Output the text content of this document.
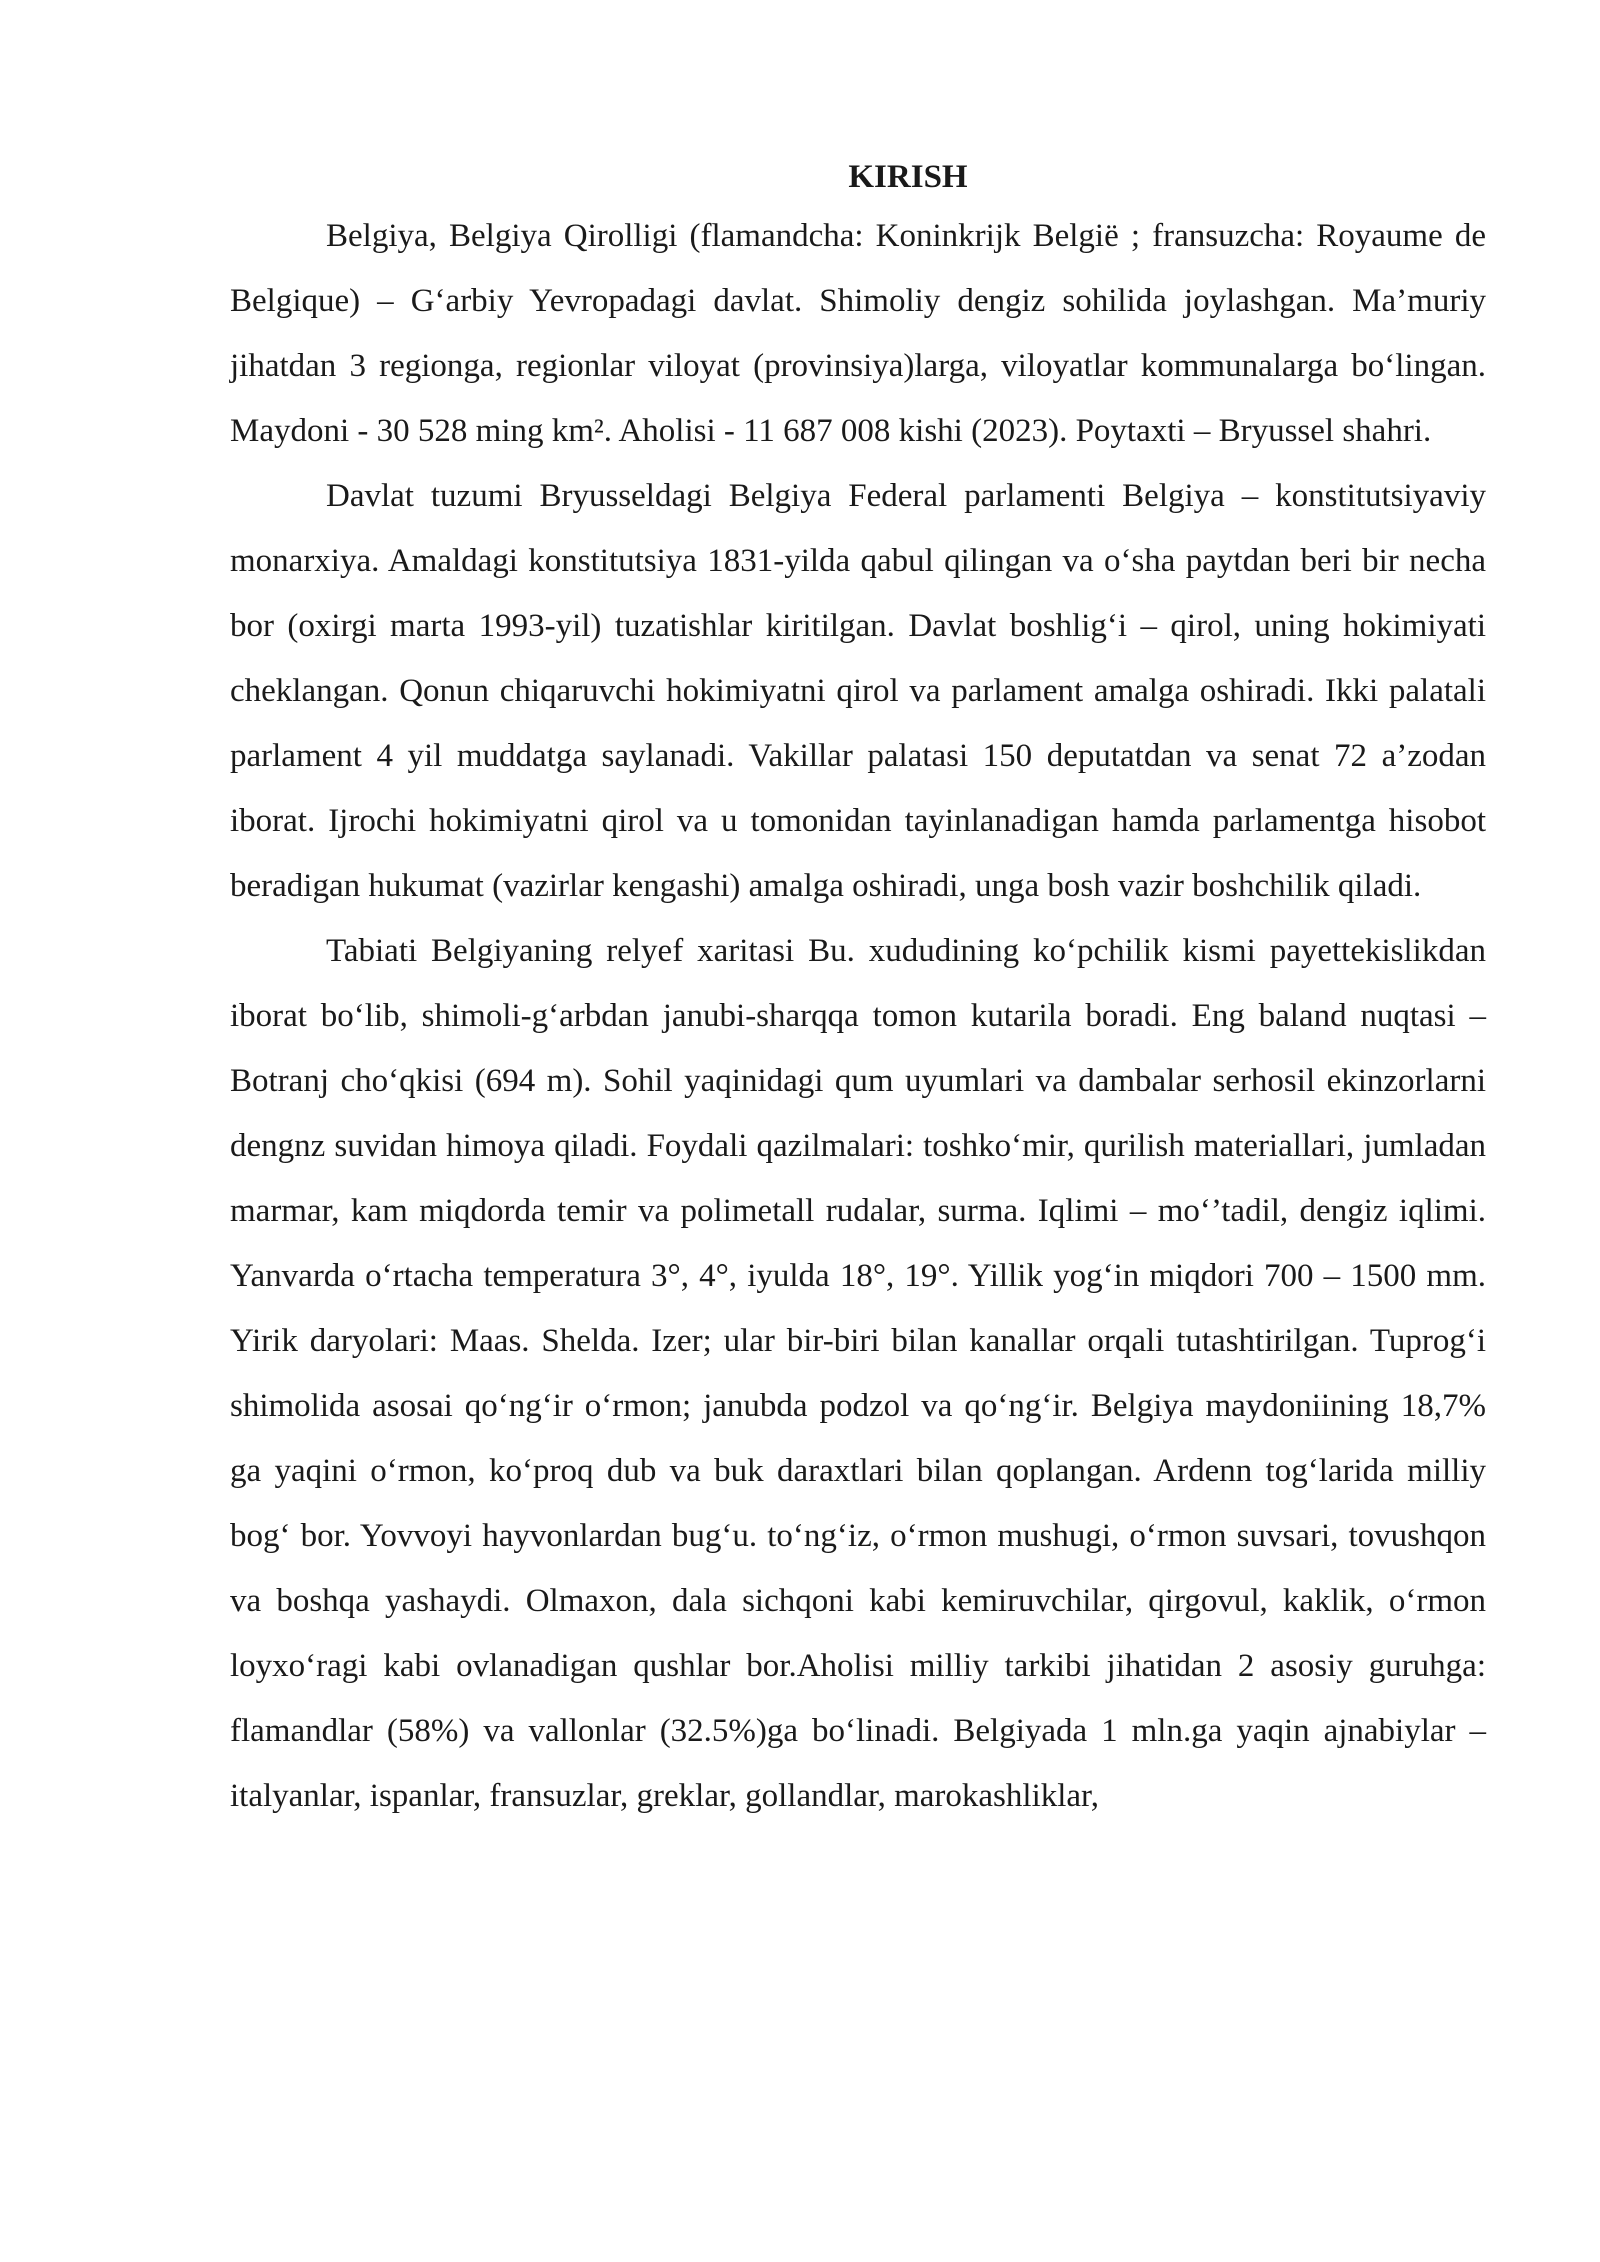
KIRISH

Belgiya, Belgiya Qirolligi (flamandcha: Koninkrijk België ; fransuzcha: Royaume de Belgique) – G‘arbiy Yevropadagi davlat. Shimoliy dengiz sohilida joylashgan. Ma’muriy jihatdan 3 regionga, regionlar viloyat (provinsiya)larga, viloyatlar kommunalarga bo‘lingan. Maydoni - 30 528 ming km². Aholisi - 11 687 008 kishi (2023). Poytaxti – Bryussel shahri.

Davlat tuzumi Bryusseldagi Belgiya Federal parlamenti Belgiya – konstitutsiyaviy monarxiya. Amaldagi konstitutsiya 1831-yilda qabul qilingan va o‘sha paytdan beri bir necha bor (oxirgi marta 1993-yil) tuzatishlar kiritilgan. Davlat boshlig‘i – qirol, uning hokimiyati cheklangan. Qonun chiqaruvchi hokimiyatni qirol va parlament amalga oshiradi. Ikki palatali parlament 4 yil muddatga saylanadi. Vakillar palatasi 150 deputatdan va senat 72 a’zodan iborat. Ijrochi hokimiyatni qirol va u tomonidan tayinlanadigan hamda parlamentga hisobot beradigan hukumat (vazirlar kengashi) amalga oshiradi, unga bosh vazir boshchilik qiladi.

Tabiati Belgiyaning relyef xaritasi Bu. xududining ko‘pchilik kismi payettekislikdan iborat bo‘lib, shimoli-g‘arbdan janubi-sharqqa tomon kutarila boradi. Eng baland nuqtasi – Botranj cho‘qkisi (694 m). Sohil yaqinidagi qum uyumlari va dambalar serhosil ekinzorlarni dengnz suvidan himoya qiladi. Foydali qazilmalari: toshko‘mir, qurilish materiallari, jumladan marmar, kam miqdorda temir va polimetall rudalar, surma. Iqlimi – mo‘’tadil, dengiz iqlimi. Yanvarda o‘rtacha temperatura 3°, 4°, iyulda 18°, 19°. Yillik yog‘in miqdori 700 – 1500 mm. Yirik daryolari: Maas. Shelda. Izer; ular bir-biri bilan kanallar orqali tutashtirilgan. Tuprog‘i shimolida asosai qo‘ng‘ir o‘rmon; janubda podzol va qo‘ng‘ir. Belgiya maydoniining 18,7% ga yaqini o‘rmon, ko‘proq dub va buk daraxtlari bilan qoplangan. Ardenn tog‘larida milliy bog‘ bor. Yovvoyi hayvonlardan bug‘u. to‘ng‘iz, o‘rmon mushugi, o‘rmon suvsari, tovushqon va boshqa yashaydi. Olmaxon, dala sichqoni kabi kemiruvchilar, qirgovul, kaklik, o‘rmon loyxo‘ragi kabi ovlanadigan qushlar bor.Aholisi milliy tarkibi jihatidan 2 asosiy guruhga: flamandlar (58%) va vallonlar (32.5%)ga bo‘linadi. Belgiyada 1 mln.ga yaqin ajnabiylar – italyanlar, ispanlar, fransuzlar, greklar, gollandlar, marokashliklar,
